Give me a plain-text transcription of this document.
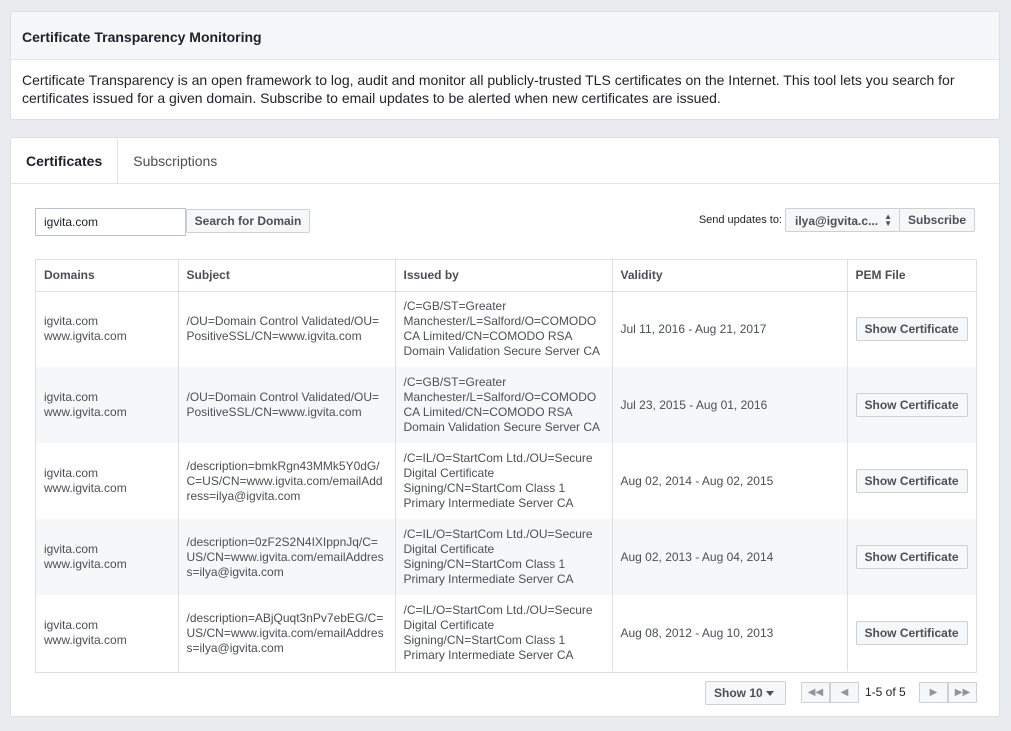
Certificate Transparency Monitoring
Certificate Transparency is an open framework to log, audit and monitor all publicly-trusted TLS certificates on the Internet. This tool lets you search for certificates issued for a given domain. Subscribe to email updates to be alerted when new certificates are issued.
Certificates	Subscriptions
igvita.com
Search for Domain	Send updates to:	ilya@igvita.c... ▲
▼	Subscribe
Domains	Subject	Issued by	Validity	PEM File
igvita.com
www.igvita.com	/OU=Domain Control Validated/OU=PositiveSSL/CN=www.igvita.com	/C=GB/ST=Greater Manchester/L=Salford/O=COMODO CA Limited/CN=COMODO RSA Domain Validation Secure Server CA	Jul 11, 2016 - Aug 21, 2017	Show Certificate
igvita.com
www.igvita.com	/OU=Domain Control Validated/OU=PositiveSSL/CN=www.igvita.com	/C=GB/ST=Greater Manchester/L=Salford/O=COMODO CA Limited/CN=COMODO RSA Domain Validation Secure Server CA	Jul 23, 2015 - Aug 01, 2016	Show Certificate
igvita.com
www.igvita.com	/description=bmkRgn43MMk5Y0dG/C=US/CN=www.igvita.com/emailAddress=ilya@igvita.com	/C=IL/O=StartCom Ltd./OU=Secure Digital Certificate Signing/CN=StartCom Class 1 Primary Intermediate Server CA	Aug 02, 2014 - Aug 02, 2015	Show Certificate
igvita.com
www.igvita.com	/description=0zF2S2N4IXIppnJq/C=US/CN=www.igvita.com/emailAddress=ilya@igvita.com	/C=IL/O=StartCom Ltd./OU=Secure Digital Certificate Signing/CN=StartCom Class 1 Primary Intermediate Server CA	Aug 02, 2013 - Aug 04, 2014	Show Certificate
igvita.com
www.igvita.com	/description=ABjQuqt3nPv7ebEG/C=US/CN=www.igvita.com/emailAddress=ilya@igvita.com	/C=IL/O=StartCom Ltd./OU=Secure Digital Certificate Signing/CN=StartCom Class 1 Primary Intermediate Server CA	Aug 08, 2012 - Aug 10, 2013	Show Certificate
Show 10	◀◀	◀	1-5 of 5	▶	▶▶
